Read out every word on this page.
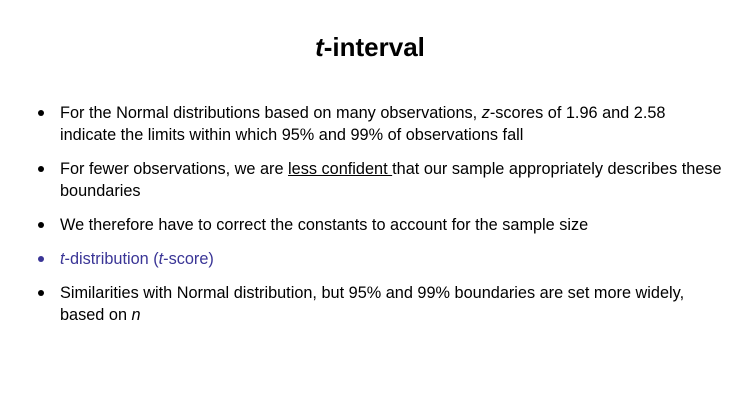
t-interval
For the Normal distributions based on many observations, z-scores of 1.96 and 2.58 indicate the limits within which 95% and 99% of observations fall
For fewer observations, we are less confident that our sample appropriately describes these boundaries
We therefore have to correct the constants to account for the sample size
t-distribution (t-score)
Similarities with Normal distribution, but 95% and 99% boundaries are set more widely, based on n
